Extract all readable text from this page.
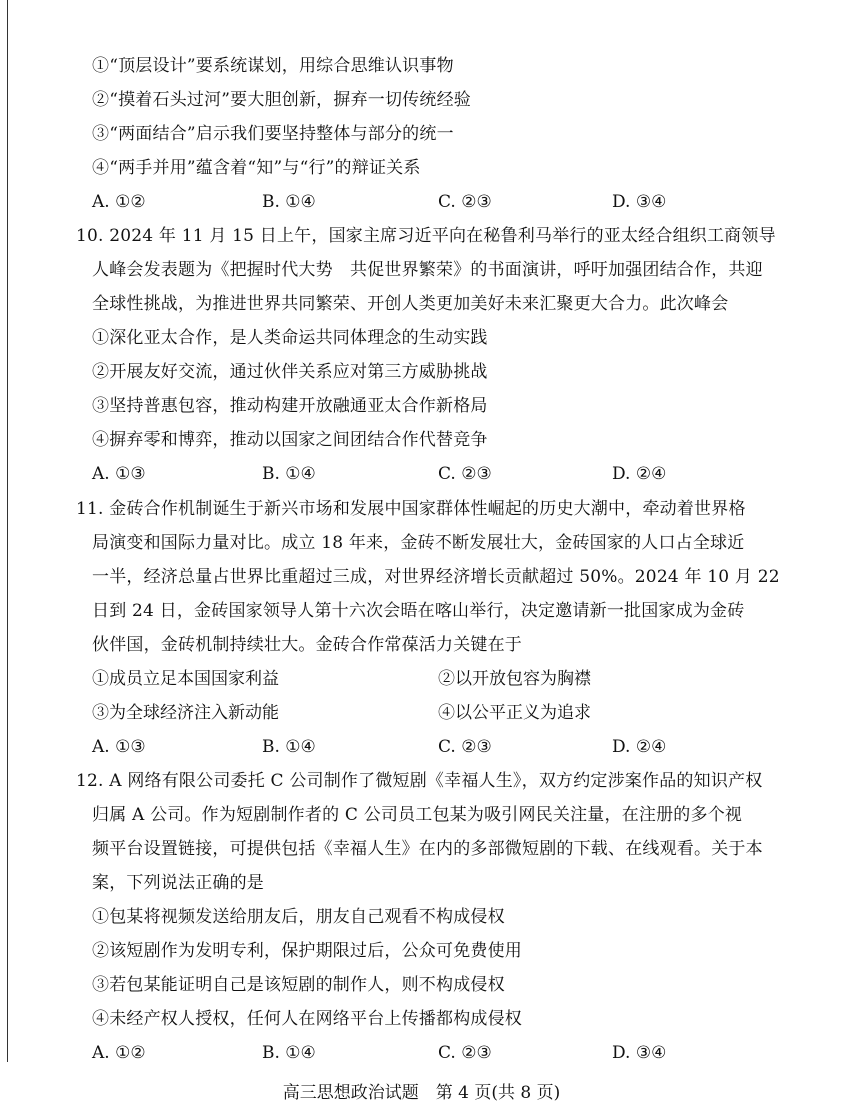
①“顶层设计”要系统谋划，用综合思维认识事物
②“摸着石头过河”要大胆创新，摒弃一切传统经验
③“两面结合”启示我们要坚持整体与部分的统一
④“两手并用”蕴含着“知”与“行”的辩证关系
A. ①②	B. ①④	C. ②③	D. ③④
10. 2024 年 11 月 15 日上午，国家主席习近平向在秘鲁利马举行的亚太经合组织工商领导
人峰会发表题为《把握时代大势　共促世界繁荣》的书面演讲，呼吁加强团结合作，共迎
全球性挑战，为推进世界共同繁荣、开创人类更加美好未来汇聚更大合力。此次峰会
①深化亚太合作，是人类命运共同体理念的生动实践
②开展友好交流，通过伙伴关系应对第三方威胁挑战
③坚持普惠包容，推动构建开放融通亚太合作新格局
④摒弃零和博弈，推动以国家之间团结合作代替竞争
A. ①③	B. ①④	C. ②③	D. ②④
11. 金砖合作机制诞生于新兴市场和发展中国家群体性崛起的历史大潮中，牵动着世界格
局演变和国际力量对比。成立 18 年来，金砖不断发展壮大，金砖国家的人口占全球近
一半，经济总量占世界比重超过三成，对世界经济增长贡献超过 50%。2024 年 10 月 22
日到 24 日，金砖国家领导人第十六次会晤在喀山举行，决定邀请新一批国家成为金砖
伙伴国，金砖机制持续壮大。金砖合作常葆活力关键在于
①成员立足本国国家利益	②以开放包容为胸襟
③为全球经济注入新动能	④以公平正义为追求
A. ①③	B. ①④	C. ②③	D. ②④
12. A 网络有限公司委托 C 公司制作了微短剧《幸福人生》，双方约定涉案作品的知识产权
归属 A 公司。作为短剧制作者的 C 公司员工包某为吸引网民关注量，在注册的多个视
频平台设置链接，可提供包括《幸福人生》在内的多部微短剧的下载、在线观看。关于本
案，下列说法正确的是
①包某将视频发送给朋友后，朋友自己观看不构成侵权
②该短剧作为发明专利，保护期限过后，公众可免费使用
③若包某能证明自己是该短剧的制作人，则不构成侵权
④未经产权人授权，任何人在网络平台上传播都构成侵权
A. ①②	B. ①④	C. ②③	D. ③④
高三思想政治试题　第 4 页(共 8 页)
